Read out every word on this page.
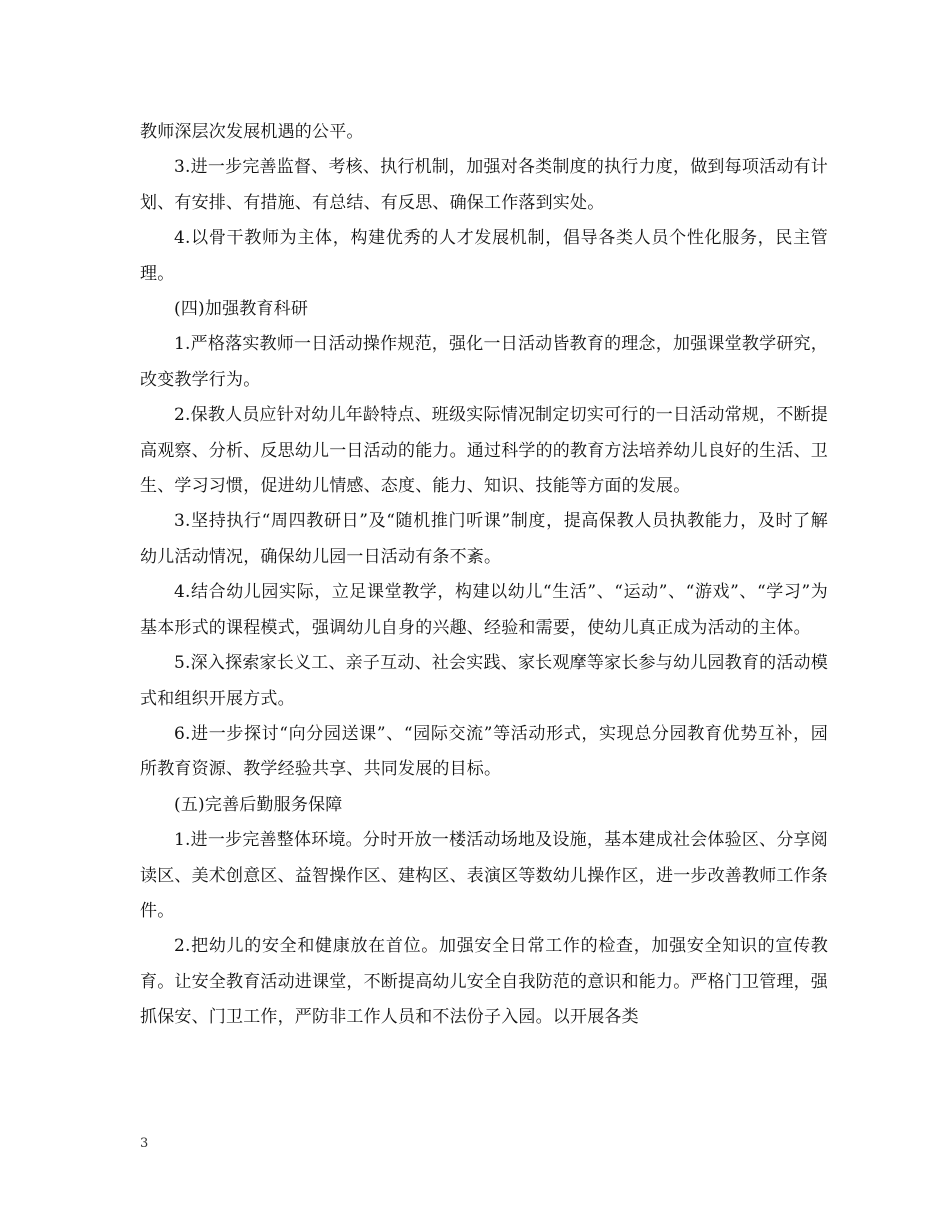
教师深层次发展机遇的公平。

3.进一步完善监督、考核、执行机制，加强对各类制度的执行力度，做到每项活动有计划、有安排、有措施、有总结、有反思、确保工作落到实处。

4.以骨干教师为主体，构建优秀的人才发展机制，倡导各类人员个性化服务，民主管理。

(四)加强教育科研

1.严格落实教师一日活动操作规范，强化一日活动皆教育的理念，加强课堂教学研究，改变教学行为。

2.保教人员应针对幼儿年龄特点、班级实际情况制定切实可行的一日活动常规，不断提高观察、分析、反思幼儿一日活动的能力。通过科学的的教育方法培养幼儿良好的生活、卫生、学习习惯，促进幼儿情感、态度、能力、知识、技能等方面的发展。

3.坚持执行“周四教研日”及“随机推门听课”制度，提高保教人员执教能力，及时了解幼儿活动情况，确保幼儿园一日活动有条不紊。

4.结合幼儿园实际，立足课堂教学，构建以幼儿“生活”、“运动”、“游戏”、“学习”为基本形式的课程模式，强调幼儿自身的兴趣、经验和需要，使幼儿真正成为活动的主体。

5.深入探索家长义工、亲子互动、社会实践、家长观摩等家长参与幼儿园教育的活动模式和组织开展方式。

6.进一步探讨“向分园送课”、“园际交流”等活动形式，实现总分园教育优势互补，园所教育资源、教学经验共享、共同发展的目标。

(五)完善后勤服务保障

1.进一步完善整体环境。分时开放一楼活动场地及设施，基本建成社会体验区、分享阅读区、美术创意区、益智操作区、建构区、表演区等数幼儿操作区，进一步改善教师工作条件。

2.把幼儿的安全和健康放在首位。加强安全日常工作的检查，加强安全知识的宣传教育。让安全教育活动进课堂，不断提高幼儿安全自我防范的意识和能力。严格门卫管理，强抓保安、门卫工作，严防非工作人员和不法份子入园。以开展各类

3
